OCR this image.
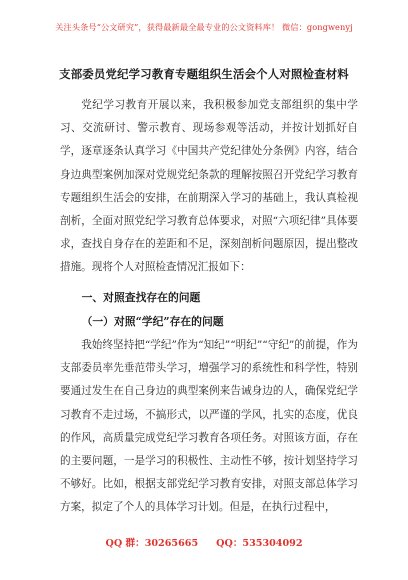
关注头条号“公文研究”，获得最新最全最专业的公文资料库！ 微信：gongwenyj
支部委员党纪学习教育专题组织生活会个人对照检查材料

党纪学习教育开展以来，我积极参加党支部组织的集中学习、交流研讨、警示教育、现场参观等活动，并按计划抓好自学，逐章逐条认真学习《中国共产党纪律处分条例》内容，结合身边典型案例加深对党规党纪条款的理解按照召开党纪学习教育专题组织生活会的安排，在前期深入学习的基础上，我认真检视剖析，全面对照党纪学习教育总体要求，对照“六项纪律”具体要求，查找自身存在的差距和不足，深刻剖析问题原因，提出整改措施。现将个人对照检查情况汇报如下：

一、对照查找存在的问题

（一）对照“学纪”存在的问题

我始终坚持把“学纪”作为“知纪”“明纪”“守纪”的前提，作为支部委员率先垂范带头学习，增强学习的系统性和科学性，特别要通过发生在自己身边的典型案例来告诫身边的人，确保党纪学习教育不走过场，不搞形式，以严谨的学风，扎实的态度，优良的作风，高质量完成党纪学习教育各项任务。对照该方面，存在的主要问题，一是学习的积极性、主动性不够，按计划坚持学习不够好。比如，根据支部党纪学习教育安排，对照支部总体学习方案，拟定了个人的具体学习计划。但是，在执行过程中，

QQ 群：30265665 QQ：535304092
